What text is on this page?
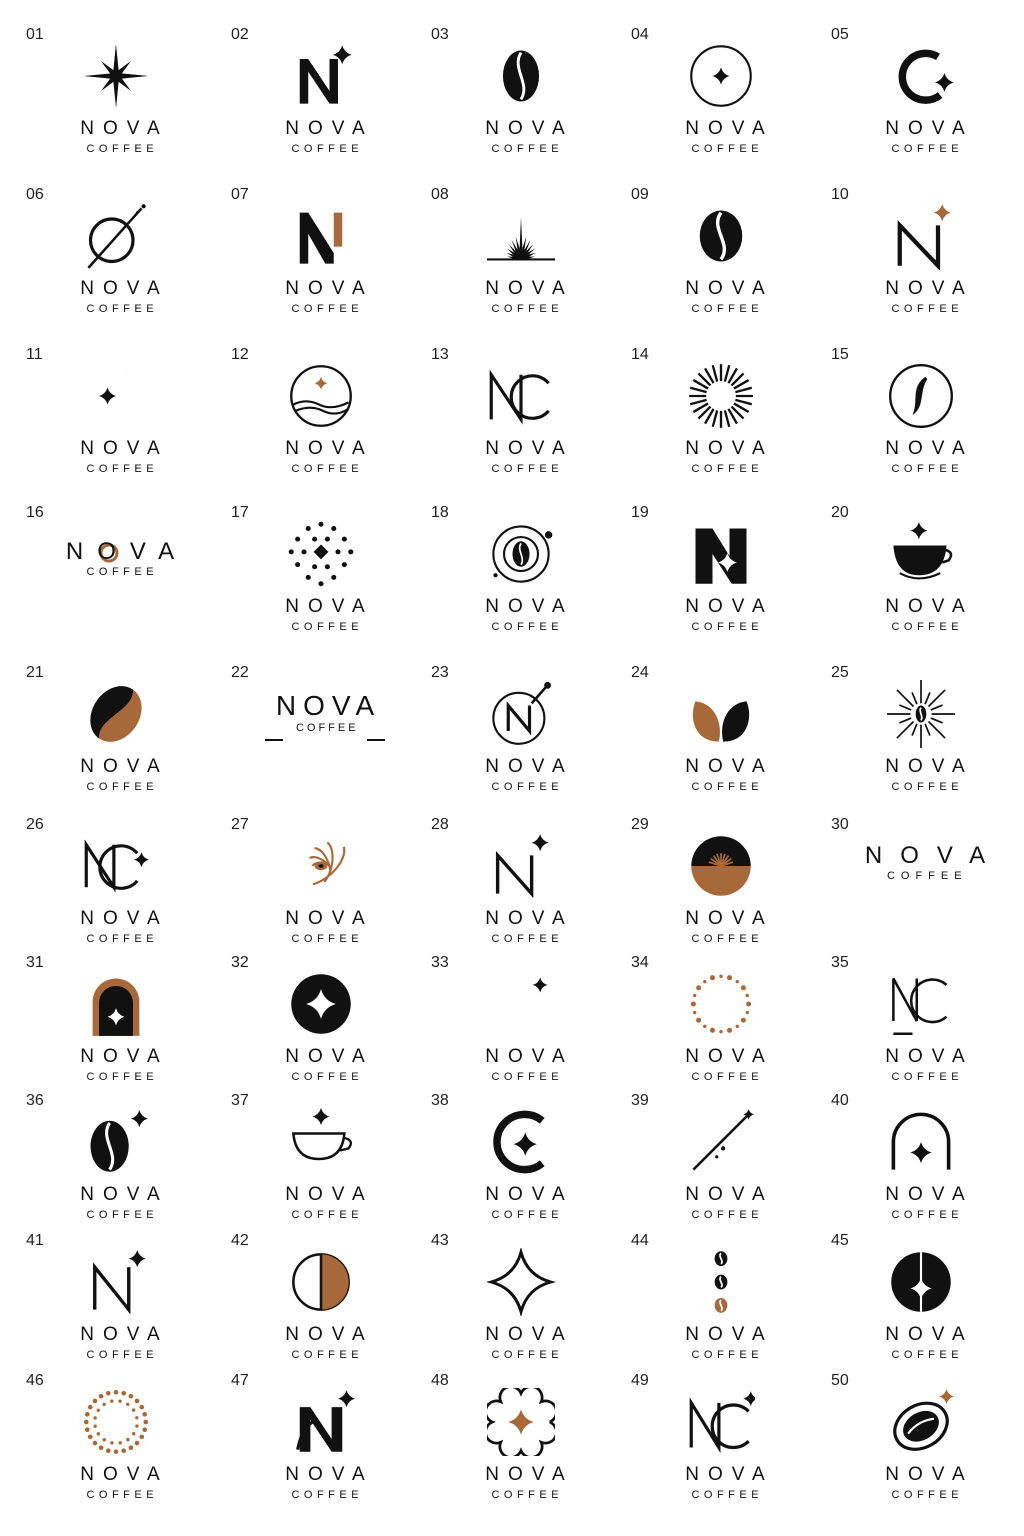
01
NOVA
COFFEE
02
NOVA
COFFEE
03
NOVA
COFFEE
04
NOVA
COFFEE
05
NOVA
COFFEE
06
NOVA
COFFEE
07
NOVA
COFFEE
08
NOVA
COFFEE
09
NOVA
COFFEE
10
NOVA
COFFEE
11
NOVA
COFFEE
12
NOVA
COFFEE
13
NOVA
COFFEE
14
NOVA
COFFEE
15
NOVA
COFFEE
16
NOVA
COFFEE
17
NOVA
COFFEE
18
NOVA
COFFEE
19
NOVA
COFFEE
20
NOVA
COFFEE
21
NOVA
COFFEE
22
NOVA
COFFEE
23
NOVA
COFFEE
24
NOVA
COFFEE
25
NOVA
COFFEE
26
NOVA
COFFEE
27
NOVA
COFFEE
28
NOVA
COFFEE
29
NOVA
COFFEE
30
NOVA
COFFEE
31
NOVA
COFFEE
32
NOVA
COFFEE
33
NOVA
COFFEE
34
NOVA
COFFEE
35
NOVA
COFFEE
36
NOVA
COFFEE
37
NOVA
COFFEE
38
NOVA
COFFEE
39
NOVA
COFFEE
40
NOVA
COFFEE
41
NOVA
COFFEE
42
NOVA
COFFEE
43
NOVA
COFFEE
44
NOVA
COFFEE
45
NOVA
COFFEE
46
NOVA
COFFEE
47
NOVA
COFFEE
48
NOVA
COFFEE
49
NOVA
COFFEE
50
NOVA
COFFEE
